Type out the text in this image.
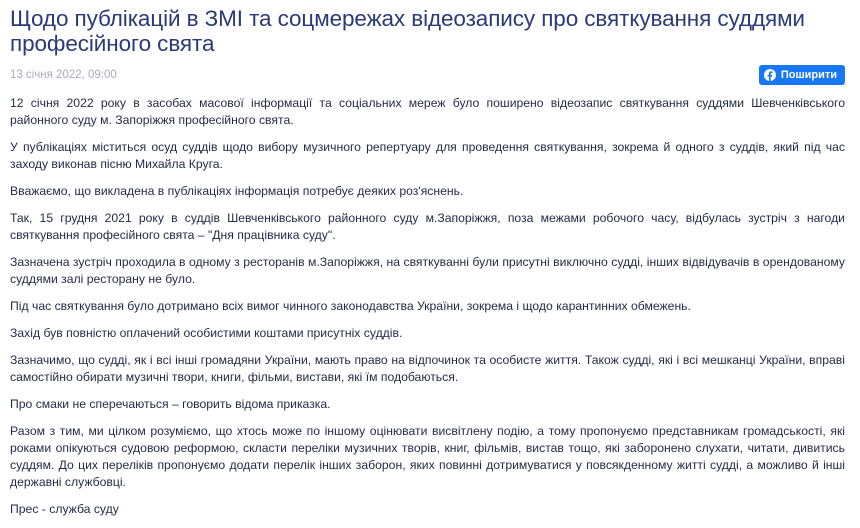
Щодо публікацій в ЗМІ та соцмережах відеозапису про святкування суддями професійного свята
13 січня 2022, 09:00	Поширити

12 січня 2022 року в засобах масової інформації та соціальних мереж було поширено відеозапис святкування суддями Шевченківського районного суду м. Запоріжжя професійного свята.

У публікаціях міститься осуд суддів щодо вибору музичного репертуару для проведення святкування, зокрема й одного з суддів, який під час заходу виконав пісню Михайла Круга.

Вважаємо, що викладена в публікаціях інформація потребує деяких роз'яснень.

Так, 15 грудня 2021 року в суддів Шевченківського районного суду м.Запоріжжя, поза межами робочого часу, відбулась зустріч з нагоди святкування професійного свята – "Дня працівника суду".

Зазначена зустріч проходила в одному з ресторанів м.Запоріжжя, на святкуванні були присутні виключно судді, інших відвідувачів в орендованому суддями залі ресторану не було.

Під час святкування було дотримано всіх вимог чинного законодавства України, зокрема і щодо карантинних обмежень.

Захід був повністю оплачений особистими коштами присутніх суддів.

Зазначимо, що судді, як і всі інші громадяни України, мають право на відпочинок та особисте життя. Також судді, які і всі мешканці України, вправі самостійно обирати музичні твори, книги, фільми, вистави, які їм подобаються.

Про смаки не сперечаються – говорить відома приказка.

Разом з тим, ми цілком розуміємо, що хтось може по іншому оцінювати висвітлену подію, а тому пропонуємо представникам громадськості, які роками опікуються судовою реформою, скласти переліки музичних творів, книг, фільмів, вистав тощо, які заборонено слухати, читати, дивитись суддям. До цих переліків пропонуємо додати перелік інших заборон, яких повинні дотримуватися у повсякденному житті судді, а можливо й інші державні службовці.

Прес - служба суду
